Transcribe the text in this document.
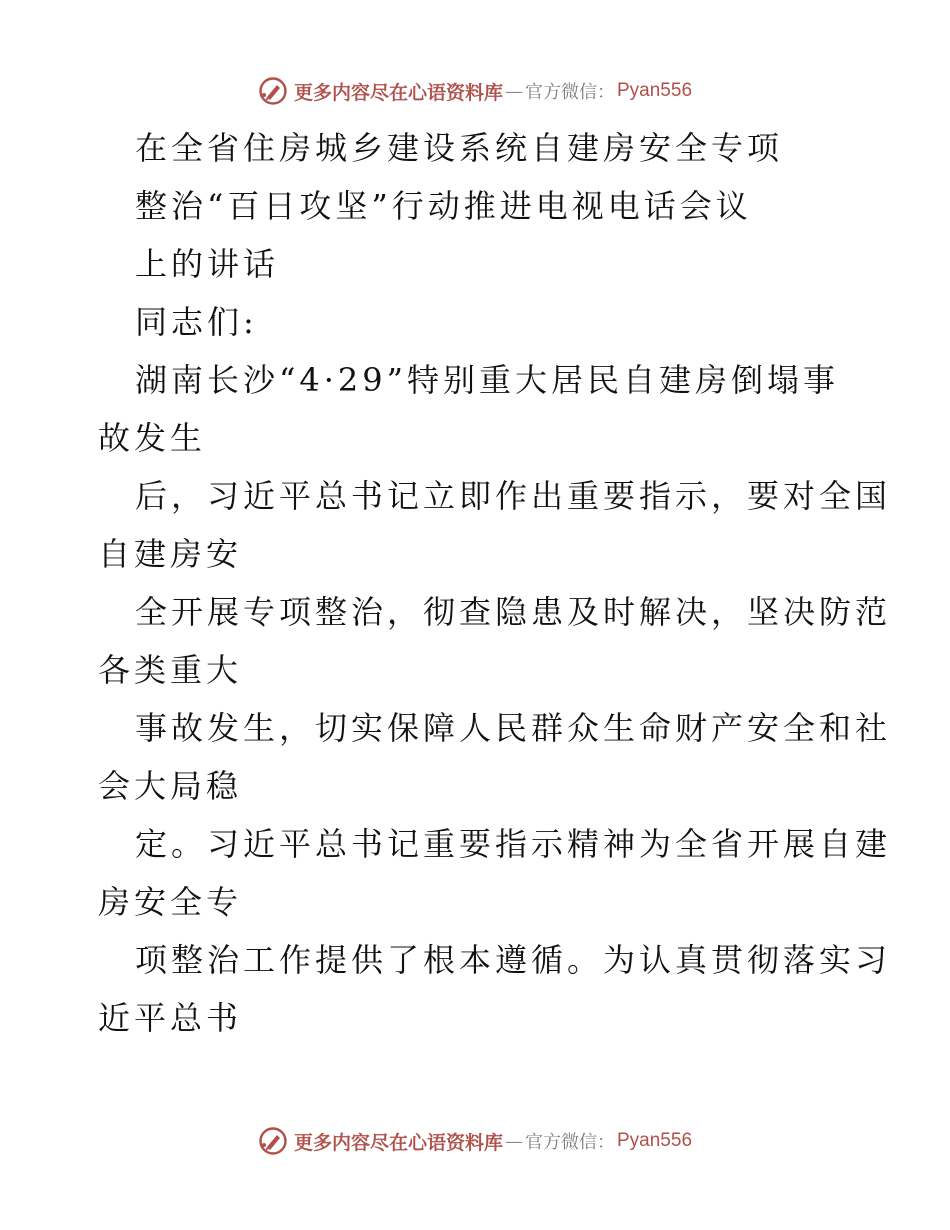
更多内容尽在心语资料库 — 官方微信： Pyan556
在全省住房城乡建设系统自建房安全专项
整治“百日攻坚”行动推进电视电话会议
上的讲话
同志们:
湖南长沙“4·29”特别重大居民自建房倒塌事
故发生
后，习近平总书记立即作出重要指示，要对全国
自建房安
全开展专项整治，彻查隐患及时解决，坚决防范
各类重大
事故发生，切实保障人民群众生命财产安全和社
会大局稳
定。习近平总书记重要指示精神为全省开展自建
房安全专
项整治工作提供了根本遵循。为认真贯彻落实习
近平总书
更多内容尽在心语资料库 — 官方微信： Pyan556
